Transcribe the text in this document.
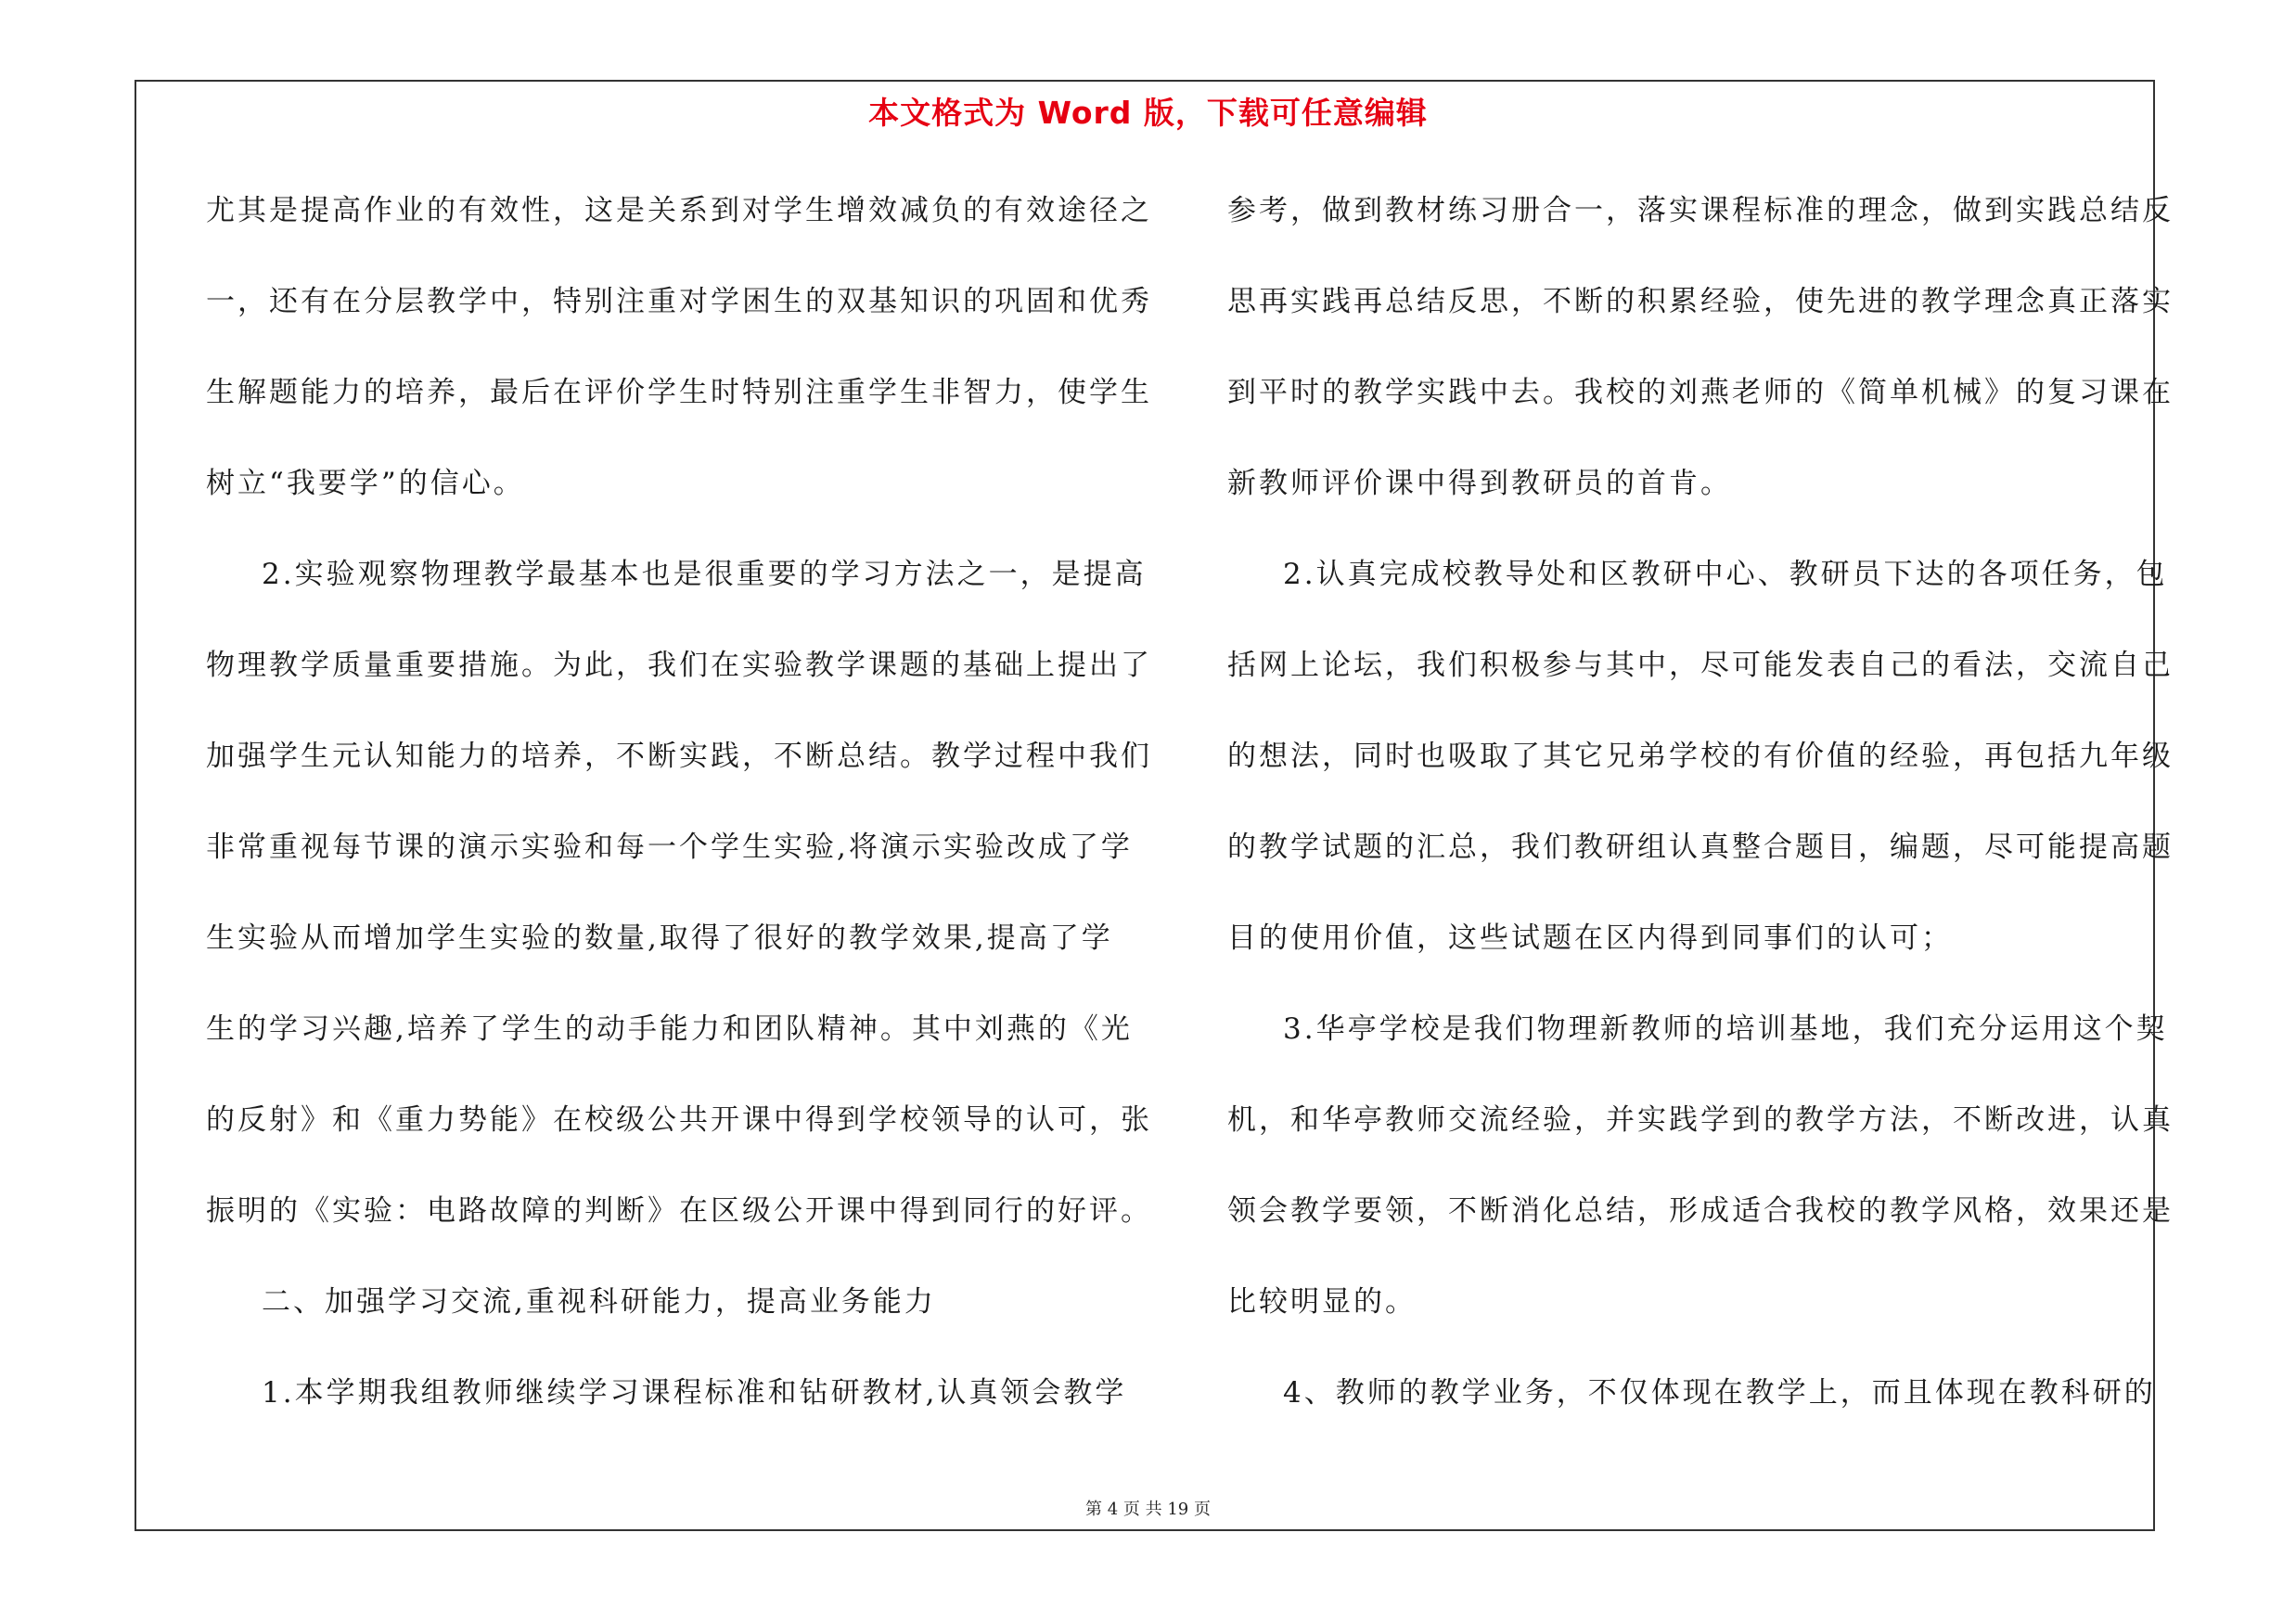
本文格式为 Word 版，下载可任意编辑
尤其是提高作业的有效性，这是关系到对学生增效减负的有效途径之
一，还有在分层教学中，特别注重对学困生的双基知识的巩固和优秀
生解题能力的培养，最后在评价学生时特别注重学生非智力，使学生
树立“我要学”的信心。
2.实验观察物理教学最基本也是很重要的学习方法之一，是提高
物理教学质量重要措施。为此，我们在实验教学课题的基础上提出了
加强学生元认知能力的培养，不断实践，不断总结。教学过程中我们
非常重视每节课的演示实验和每一个学生实验,将演示实验改成了学
生实验从而增加学生实验的数量,取得了很好的教学效果,提高了学
生的学习兴趣,培养了学生的动手能力和团队精神。其中刘燕的《光
的反射》和《重力势能》在校级公共开课中得到学校领导的认可，张
振明的《实验：电路故障的判断》在区级公开课中得到同行的好评。
二、加强学习交流,重视科研能力，提高业务能力
1.本学期我组教师继续学习课程标准和钻研教材,认真领会教学
参考，做到教材练习册合一，落实课程标准的理念，做到实践总结反
思再实践再总结反思，不断的积累经验，使先进的教学理念真正落实
到平时的教学实践中去。我校的刘燕老师的《简单机械》的复习课在
新教师评价课中得到教研员的首肯。
2.认真完成校教导处和区教研中心、教研员下达的各项任务，包
括网上论坛，我们积极参与其中，尽可能发表自己的看法，交流自己
的想法，同时也吸取了其它兄弟学校的有价值的经验，再包括九年级
的教学试题的汇总，我们教研组认真整合题目，编题，尽可能提高题
目的使用价值，这些试题在区内得到同事们的认可；
3.华亭学校是我们物理新教师的培训基地，我们充分运用这个契
机，和华亭教师交流经验，并实践学到的教学方法，不断改进，认真
领会教学要领，不断消化总结，形成适合我校的教学风格，效果还是
比较明显的。
4、教师的教学业务，不仅体现在教学上，而且体现在教科研的
第 4 页 共 19 页
